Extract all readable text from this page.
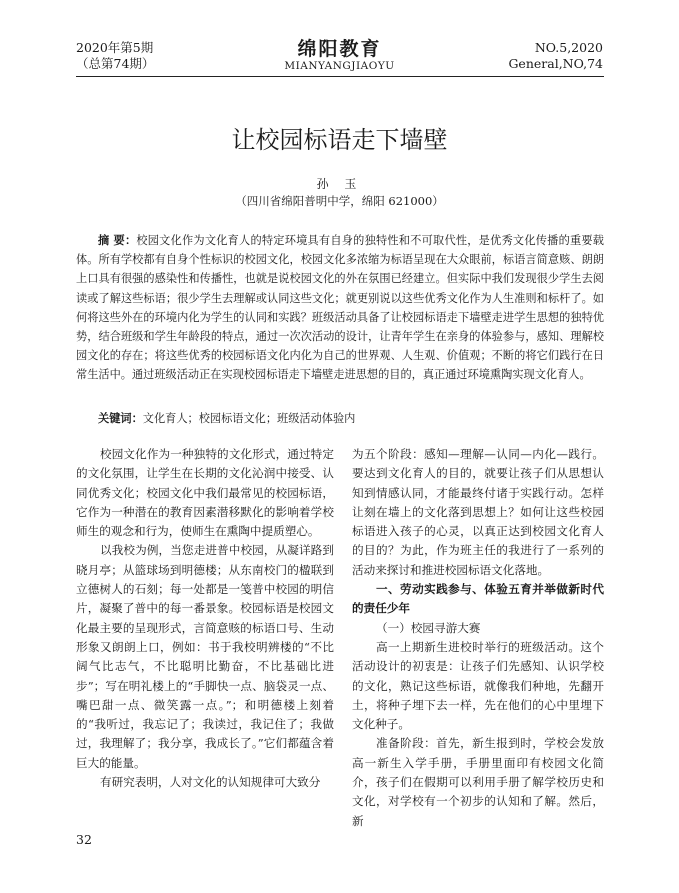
2020年第5期
（总第74期）
绵阳教育
MIANYANGJIAOYU
NO.5,2020
General,NO,74
让校园标语走下墙壁
孙 玉
（四川省绵阳普明中学，绵阳 621000）

摘 要：校园文化作为文化育人的特定环境具有自身的独特性和不可取代性，是优秀文化传播的重要载体。所有学校都有自身个性标识的校园文化，校园文化多浓缩为标语呈现在大众眼前，标语言简意赅、朗朗上口具有很强的感染性和传播性，也就是说校园文化的外在氛围已经建立。但实际中我们发现很少学生去阅读或了解这些标语；很少学生去理解或认同这些文化；就更别说以这些优秀文化作为人生准则和标杆了。如何将这些外在的环境内化为学生的认同和实践？班级活动具备了让校园标语走下墙壁走进学生思想的独特优势，结合班级和学生年龄段的特点，通过一次次活动的设计，让青年学生在亲身的体验参与，感知、理解校园文化的存在；将这些优秀的校园标语文化内化为自己的世界观、人生观、价值观；不断的将它们践行在日常生活中。通过班级活动正在实现校园标语走下墙壁走进思想的目的，真正通过环境熏陶实现文化育人。

关键词：文化育人；校园标语文化；班级活动体验内

校园文化作为一种独特的文化形式，通过特定的文化氛围，让学生在长期的文化沁润中接受、认同优秀文化；校园文化中我们最常见的校园标语，它作为一种潜在的教育因素潜移默化的影响着学校师生的观念和行为，使师生在熏陶中提质塑心。

以我校为例，当您走进普中校园，从凝详路到晓月亭；从篮球场到明德楼；从东南校门的楹联到立德树人的石刻；每一处都是一笺普中校园的明信片，凝聚了普中的每一番景象。校园标语是校园文化最主要的呈现形式，言简意赅的标语口号、生动形象又朗朗上口，例如：书于我校明辨楼的“不比阔气比志气，不比聪明比勤奋，不比基础比进步”；写在明礼楼上的“手脚快一点、脑袋灵一点、嘴巴甜一点、微笑露一点。”；和明德楼上刻着的“我听过，我忘记了；我读过，我记住了；我做过，我理解了；我分享，我成长了。”它们都蕴含着巨大的能量。

有研究表明，人对文化的认知规律可大致分

为五个阶段：感知—理解—认同—内化—践行。要达到文化育人的目的，就要让孩子们从思想认知到情感认同，才能最终付诸于实践行动。怎样让刻在墙上的文化落到思想上？如何让这些校园标语进入孩子的心灵，以真正达到校园文化育人的目的？为此，作为班主任的我进行了一系列的活动来探讨和推进校园标语文化落地。

一、劳动实践参与、体验五育并举做新时代的责任少年

（一）校园寻游大赛

高一上期新生进校时举行的班级活动。这个活动设计的初衷是：让孩子们先感知、认识学校的文化，熟记这些标语，就像我们种地，先翻开土，将种子埋下去一样，先在他们的心中里埋下文化种子。

准备阶段：首先，新生报到时，学校会发放高一新生入学手册，手册里面印有校园文化简介，孩子们在假期可以利用手册了解学校历史和文化，对学校有一个初步的认知和了解。然后，新

32
